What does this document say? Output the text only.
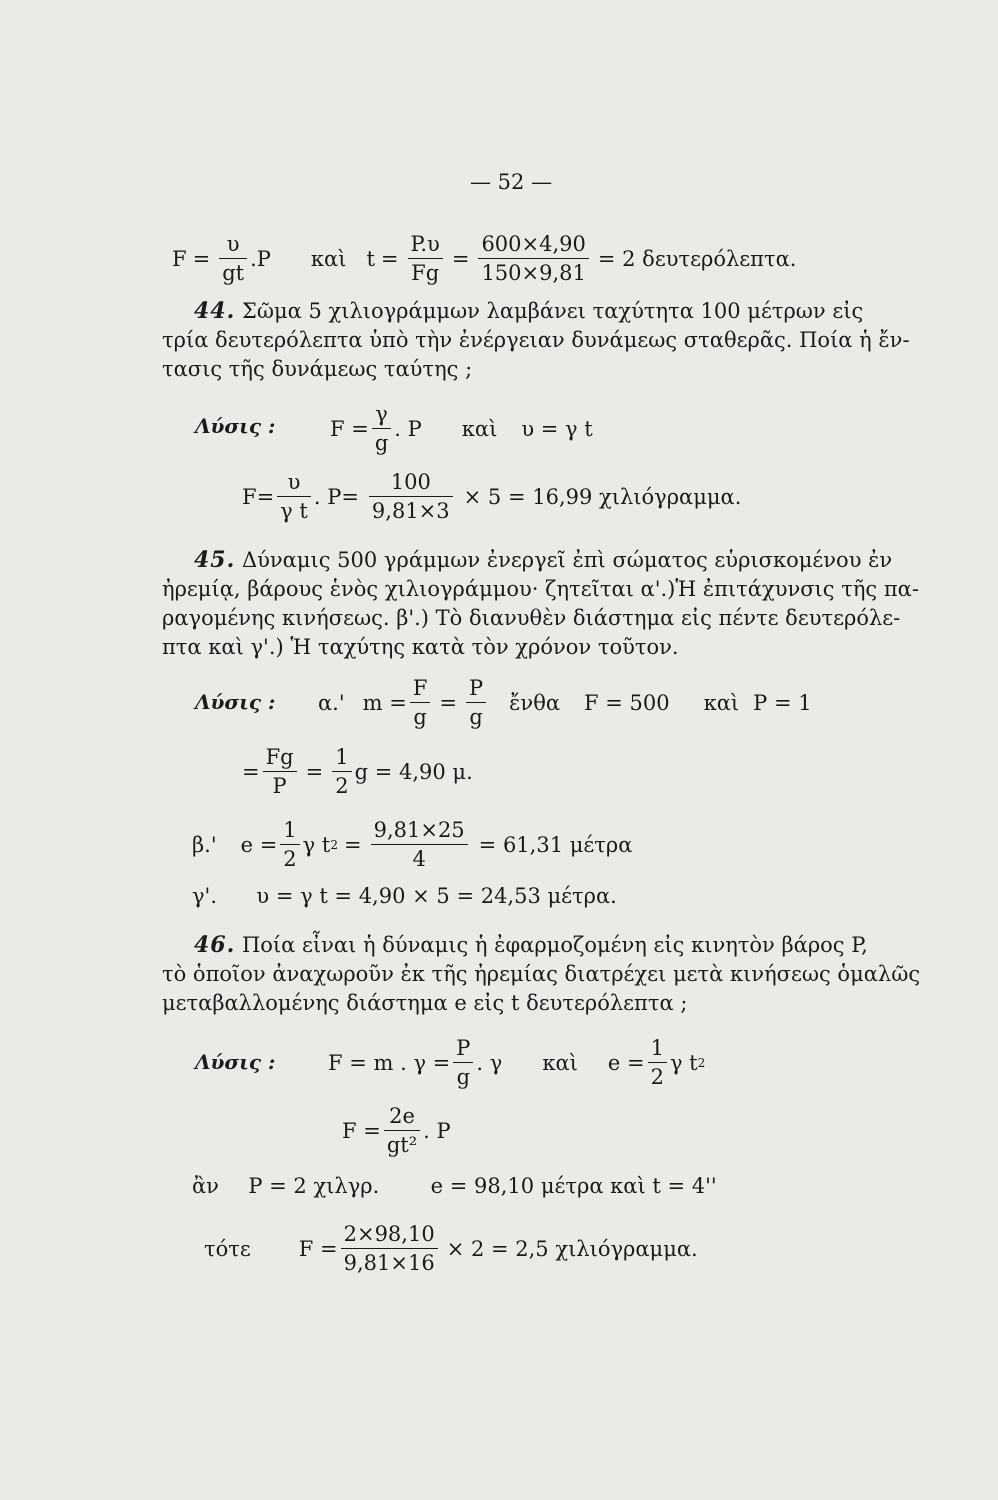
— 52 —
$F = \frac{\upsilon}{gt} .P$ καὶ $t = \frac{P.\upsilon}{Fg} = \frac{600\times 4,90}{150\times 9,81} = 2$ δευτερόλεπτα.
44. Σῶμα 5 χιλιογράμμων λαμβάνει ταχύτητα 100 μέτρων εἰς
τρία δευτερόλεπτα ὑπὸ τὴν ἐνέργειαν δυνάμεως σταθερᾶς. Ποία ἡ ἔν-
τασις τῆς δυνάμεως ταύτης ;
Λύσις :	$F = \frac{\gamma}{g}$ . P καὶ υ = γ t
$F= \frac{\upsilon}{\text{γ t}}$ . $P= \frac{100}{9,81\times 3} \times 5 = 16,99$ χιλιόγραμμα.
45. Δύναμις 500 γράμμων ἐνεργεῖ ἐπὶ σώματος εὑρισκομένου ἐν
ἠρεμίᾳ, βάρους ἑνὸς χιλιογράμμου· ζητεῖται α'.)Ἡ ἐπιτάχυνσις τῆς πα-
ραγομένης κινήσεως. β'.) Τὸ διανυθὲν διάστημα εἰς πέντε δευτερόλε-
πτα καὶ γ'.) Ἡ ταχύτης κατὰ τὸν χρόνον τοῦτον.
Λύσις : α.' $m = \frac{F}{g} = \frac{P}{g}$ ἔνθα F = 500 καὶ P = 1
= $\frac{Fg}{P} = \frac{1}{2}$ g = 4,90 μ.
β.' $e = \frac{1}{2}$ γ t $2 = \frac{9,81\times 25}{4} = 61,31$ μέτρα
γ'. υ = γ t = 4,90 × 5 = 24,53 μέτρα.
46. Ποία εἶναι ἡ δύναμις ἡ ἐφαρμοζομένη εἰς κινητὸν βάρος P,
τὸ ὁποῖον ἀναχωροῦν ἐκ τῆς ἠρεμίας διατρέχει μετὰ κινήσεως ὁμαλῶς
μεταβαλλομένης διάστημα e εἰς t δευτερόλεπτα ;
Λύσις :	F = m . $\gamma = \frac{P}{g}$ . γ καὶ $e = \frac{1}{2}$ γ t 2
$F = \frac{2e}{\text{gt²}}$ . P
ἂν P = 2 χιλγρ. e = 98,10 μέτρα καὶ t = 4''
τότε $F = \frac{2\times 98,10}{9,81\times 16} \times 2 = 2,5$ χιλιόγραμμα.
